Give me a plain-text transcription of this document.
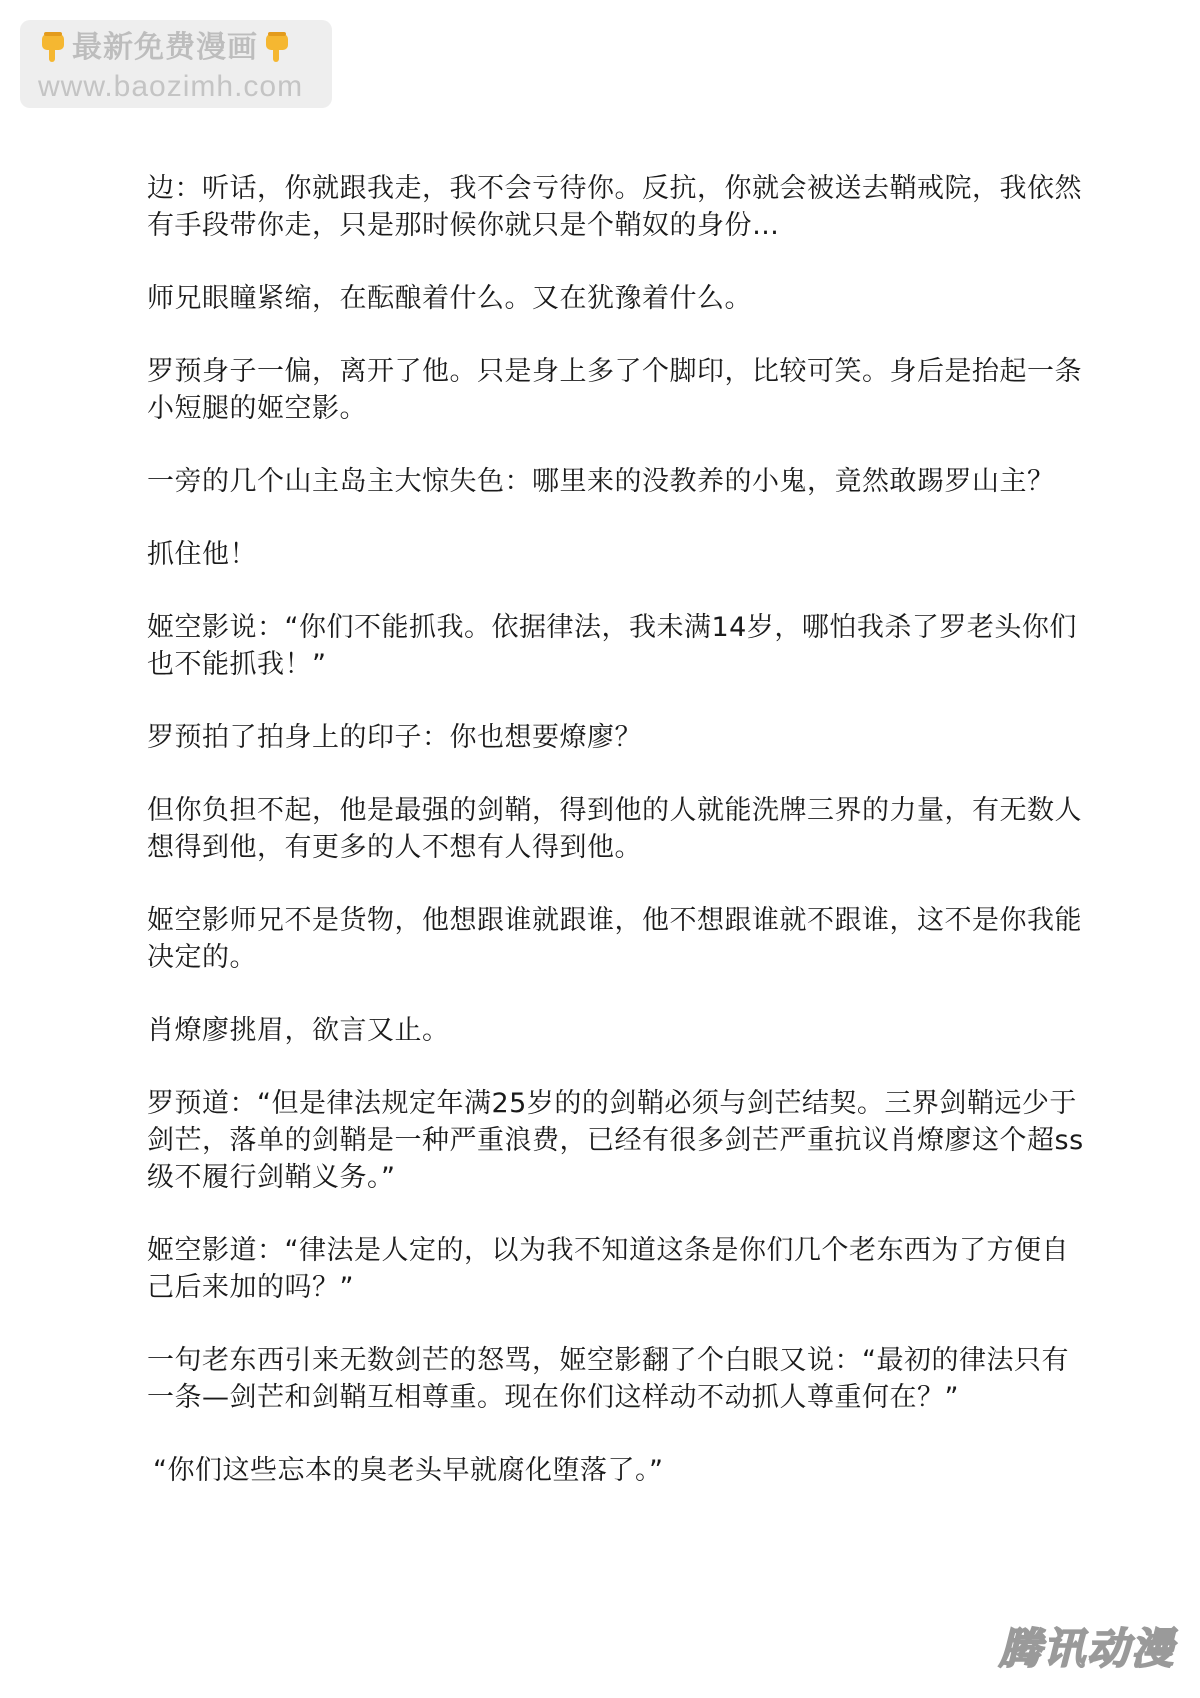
最新免费漫画
www.baozimh.com

边：听话，你就跟我走，我不会亏待你。反抗，你就会被送去鞘戒院，我依然有手段带你走，只是那时候你就只是个鞘奴的身份…

师兄眼瞳紧缩，在酝酿着什么。又在犹豫着什么。

罗预身子一偏，离开了他。只是身上多了个脚印，比较可笑。身后是抬起一条小短腿的姬空影。

一旁的几个山主岛主大惊失色：哪里来的没教养的小鬼，竟然敢踢罗山主？

抓住他！

姬空影说：“你们不能抓我。依据律法，我未满14岁，哪怕我杀了罗老头你们也不能抓我！”

罗预拍了拍身上的印子：你也想要燎廖？

但你负担不起，他是最强的剑鞘，得到他的人就能洗牌三界的力量，有无数人想得到他，有更多的人不想有人得到他。

姬空影师兄不是货物，他想跟谁就跟谁，他不想跟谁就不跟谁，这不是你我能决定的。

肖燎廖挑眉，欲言又止。

罗预道：“但是律法规定年满25岁的的剑鞘必须与剑芒结契。三界剑鞘远少于剑芒，落单的剑鞘是一种严重浪费，已经有很多剑芒严重抗议肖燎廖这个超ss级不履行剑鞘义务。”

姬空影道：“律法是人定的，以为我不知道这条是你们几个老东西为了方便自己后来加的吗？”

一句老东西引来无数剑芒的怒骂，姬空影翻了个白眼又说：“最初的律法只有一条—剑芒和剑鞘互相尊重。现在你们这样动不动抓人尊重何在？”

“你们这些忘本的臭老头早就腐化堕落了。”

腾讯动漫
